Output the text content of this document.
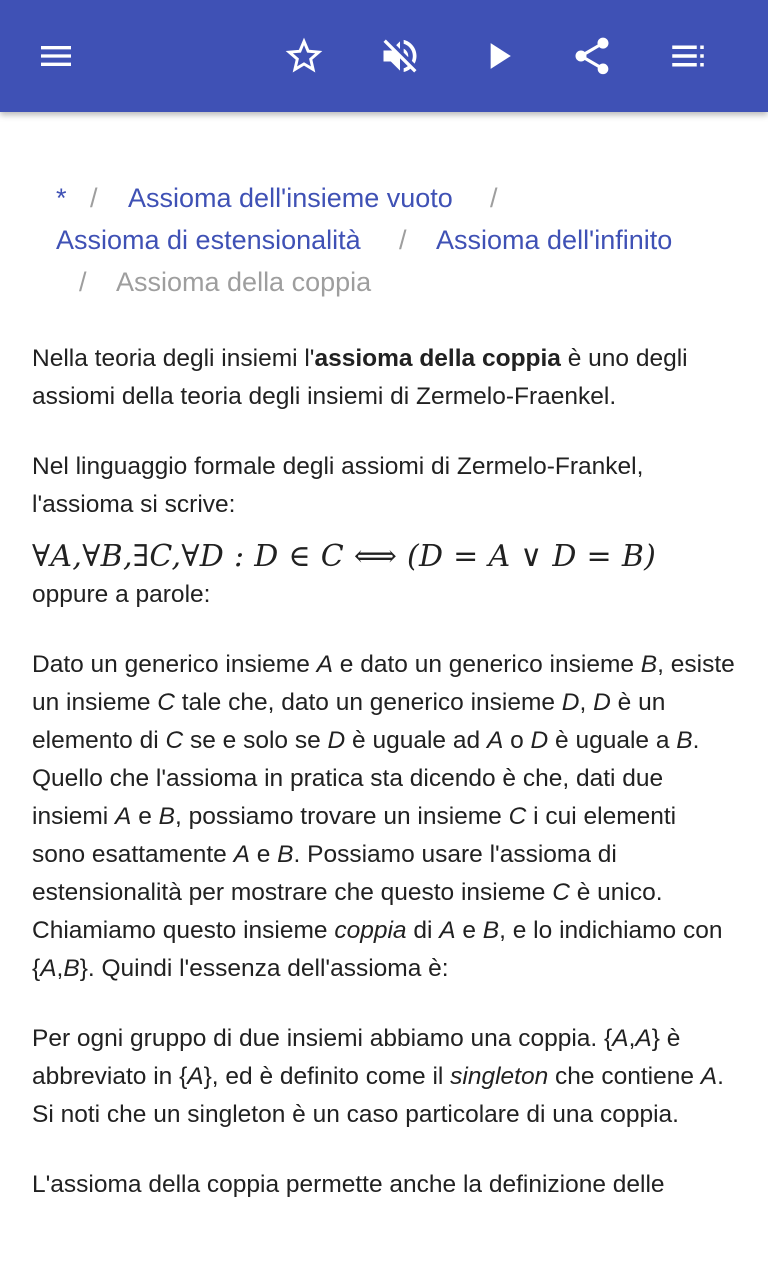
* / Assioma dell'insieme vuoto /
Assioma di estensionalità / Assioma dell'infinito
/ Assioma della coppia

Nella teoria degli insiemi l'assioma della coppia è uno degli assiomi della teoria degli insiemi di Zermelo-Fraenkel.

Nel linguaggio formale degli assiomi di Zermelo-Frankel, l'assioma si scrive:

∀A,∀B,∃C,∀D : D ∈ C ⟺ (D = A ∨ D = B)

oppure a parole:

Dato un generico insieme A e dato un generico insieme B, esiste un insieme C tale che, dato un generico insieme D, D è un elemento di C se e solo se D è uguale ad A o D è uguale a B.

Quello che l'assioma in pratica sta dicendo è che, dati due insiemi A e B, possiamo trovare un insieme C i cui elementi sono esattamente A e B. Possiamo usare l'assioma di estensionalità per mostrare che questo insieme C è unico. Chiamiamo questo insieme coppia di A e B, e lo indichiamo con {A,B}. Quindi l'essenza dell'assioma è:

Per ogni gruppo di due insiemi abbiamo una coppia. {A,A} è abbreviato in {A}, ed è definito come il singleton che contiene A. Si noti che un singleton è un caso particolare di una coppia.

L'assioma della coppia permette anche la definizione delle
